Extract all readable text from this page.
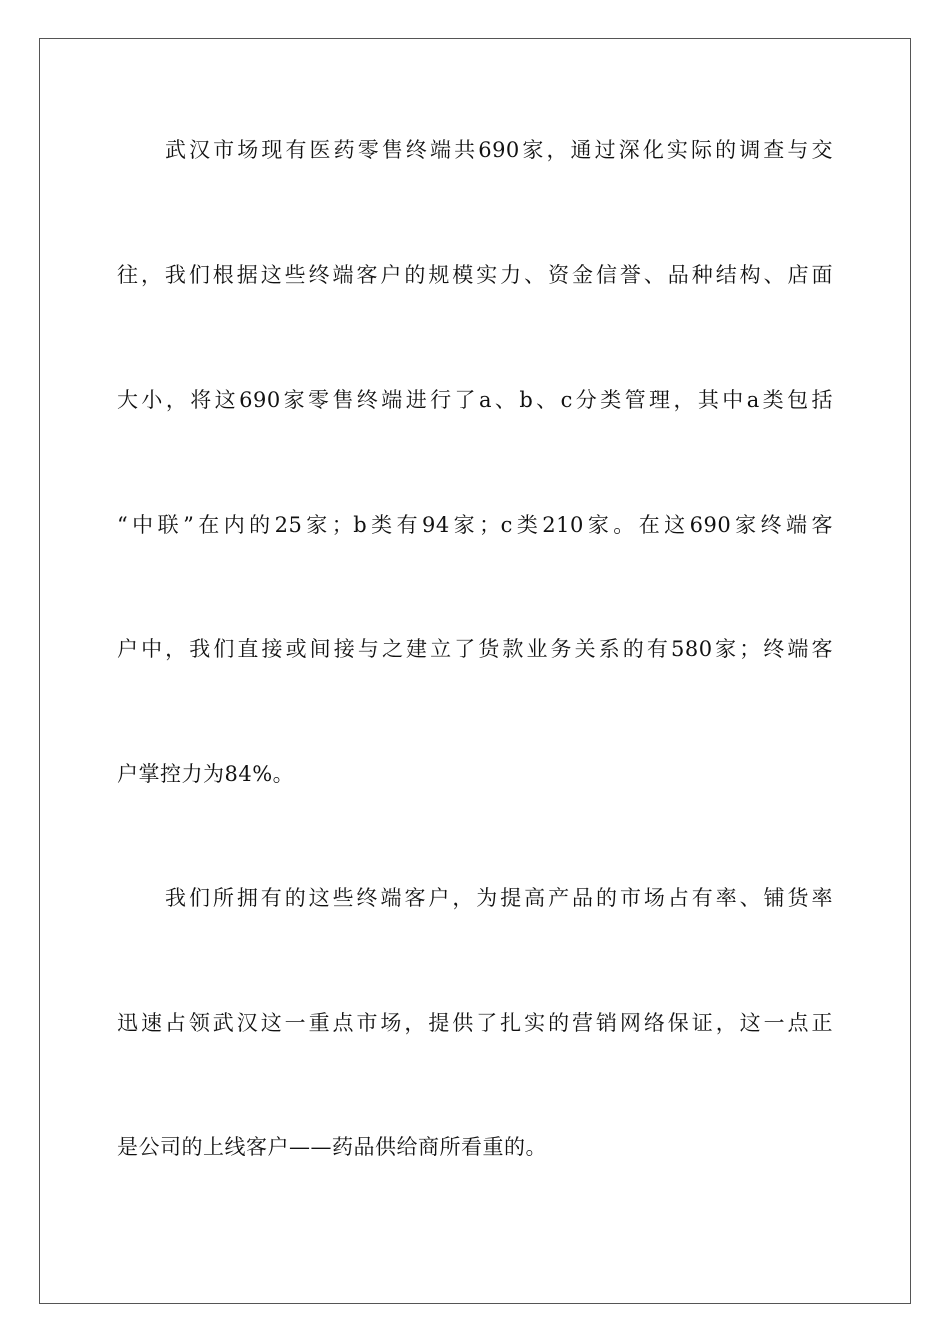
武汉市场现有医药零售终端共690家，通过深化实际的调查与交
往，我们根据这些终端客户的规模实力、资金信誉、品种结构、店面
大小，将这690家零售终端进行了a、b、c分类管理，其中a类包括
“中联”在内的25家；b类有94家；c类210家。在这690家终端客
户中，我们直接或间接与之建立了货款业务关系的有580家；终端客
户掌控力为84%。
我们所拥有的这些终端客户，为提高产品的市场占有率、铺货率
迅速占领武汉这一重点市场，提供了扎实的营销网络保证，这一点正
是公司的上线客户——药品供给商所看重的。
